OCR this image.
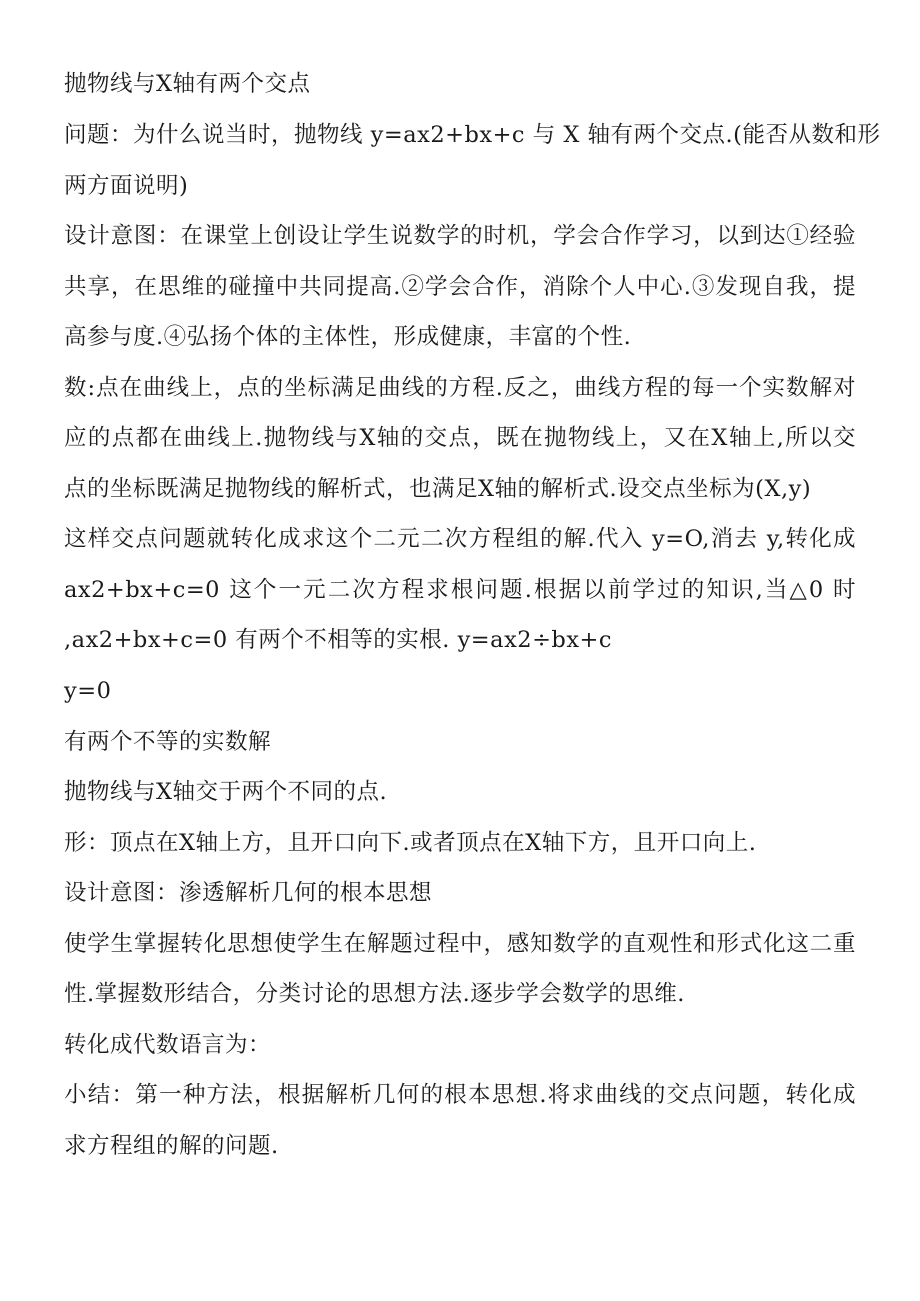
抛物线与X轴有两个交点
问题：为什么说当时，抛物线 y=ax2+bx+c 与 X 轴有两个交点.(能否从数和形
两方面说明)
设计意图：在课堂上创设让学生说数学的时机，学会合作学习，以到达①经验
共享，在思维的碰撞中共同提高.②学会合作，消除个人中心.③发现自我，提
高参与度.④弘扬个体的主体性，形成健康，丰富的个性.
数:点在曲线上，点的坐标满足曲线的方程.反之，曲线方程的每一个实数解对
应的点都在曲线上.抛物线与X轴的交点，既在抛物线上，又在X轴上,所以交
点的坐标既满足抛物线的解析式，也满足X轴的解析式.设交点坐标为(X,y)
这样交点问题就转化成求这个二元二次方程组的解.代入 y=O,消去 y,转化成
ax2+bx+c=0 这个一元二次方程求根问题.根据以前学过的知识,当△0 时
,ax2+bx+c=0 有两个不相等的实根. y=ax2÷bx+c
y=0
有两个不等的实数解
抛物线与X轴交于两个不同的点.
形：顶点在X轴上方，且开口向下.或者顶点在X轴下方，且开口向上.
设计意图：渗透解析几何的根本思想
使学生掌握转化思想使学生在解题过程中，感知数学的直观性和形式化这二重
性.掌握数形结合，分类讨论的思想方法.逐步学会数学的思维.
转化成代数语言为：
小结：第一种方法，根据解析几何的根本思想.将求曲线的交点问题，转化成
求方程组的解的问题.
